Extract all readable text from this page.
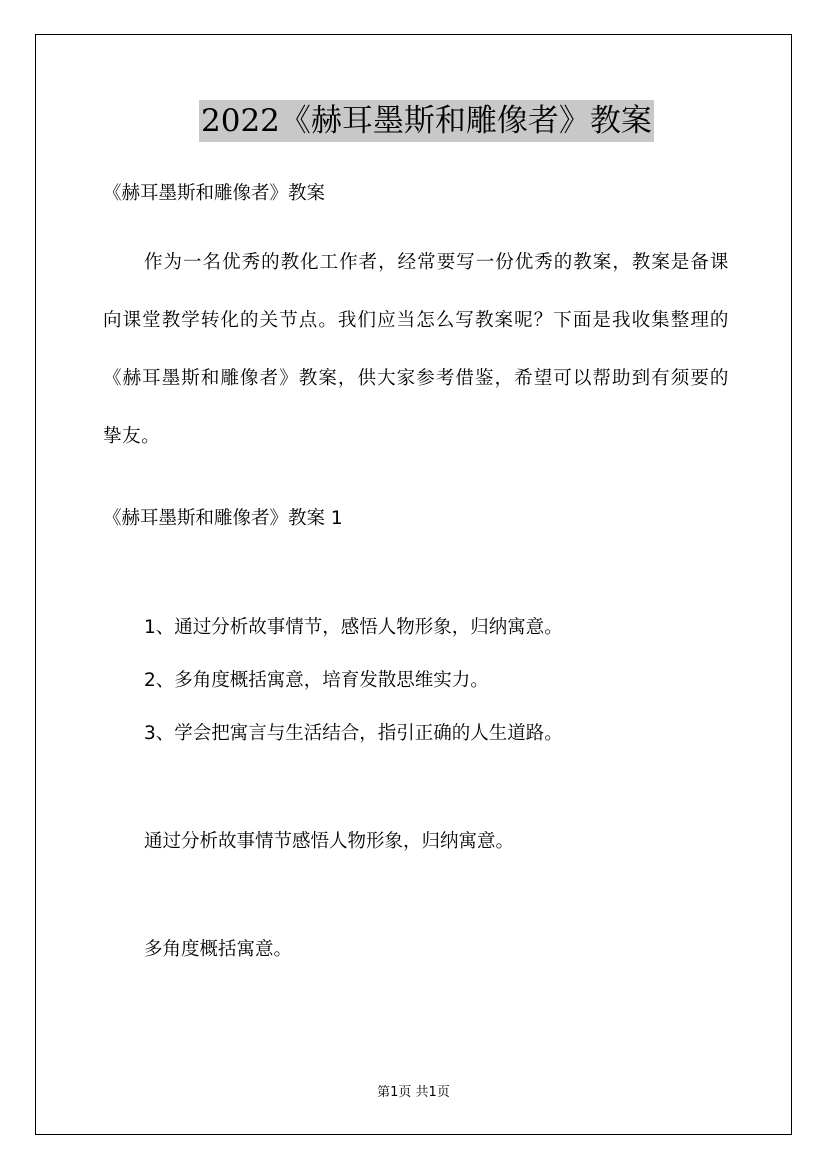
2022《赫耳墨斯和雕像者》教案
《赫耳墨斯和雕像者》教案
作为一名优秀的教化工作者，经常要写一份优秀的教案，教案是备课向课堂教学转化的关节点。我们应当怎么写教案呢？下面是我收集整理的《赫耳墨斯和雕像者》教案，供大家参考借鉴，希望可以帮助到有须要的挚友。
《赫耳墨斯和雕像者》教案 1
1、通过分析故事情节，感悟人物形象，归纳寓意。
2、多角度概括寓意，培育发散思维实力。
3、学会把寓言与生活结合，指引正确的人生道路。
通过分析故事情节感悟人物形象，归纳寓意。
多角度概括寓意。
第1页 共1页
